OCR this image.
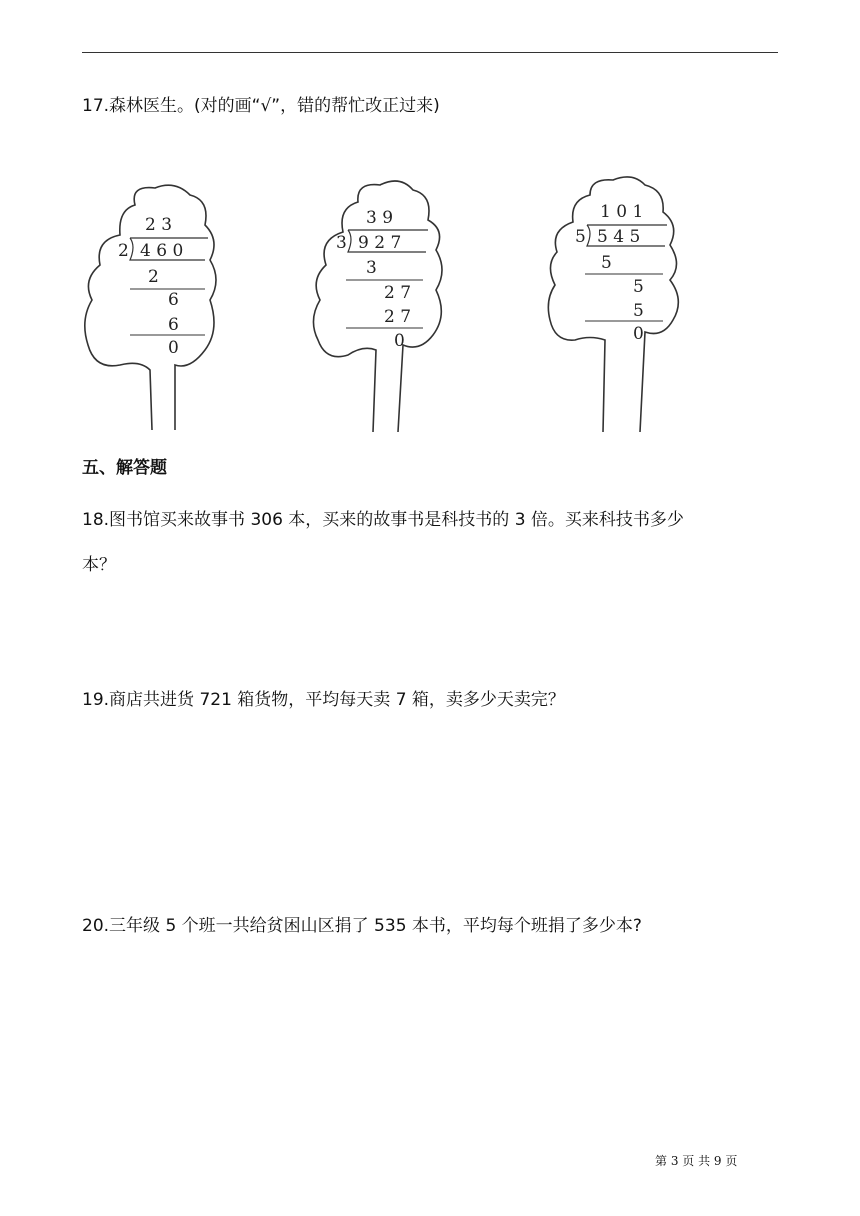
17.森林医生。(对的画“√”，错的帮忙改正过来)
2 3
2 4 6 0
2
6
6
0
3 9
3 9 2 7
3
2 7
2 7
0
1 0 1
5 5 4 5
5
5
5
0
五、解答题
18.图书馆买来故事书 306 本，买来的故事书是科技书的 3 倍。买来科技书多少
本？
19.商店共进货 721 箱货物，平均每天卖 7 箱，卖多少天卖完？
20.三年级 5 个班一共给贫困山区捐了 535 本书，平均每个班捐了多少本?
第 3 页 共 9 页
